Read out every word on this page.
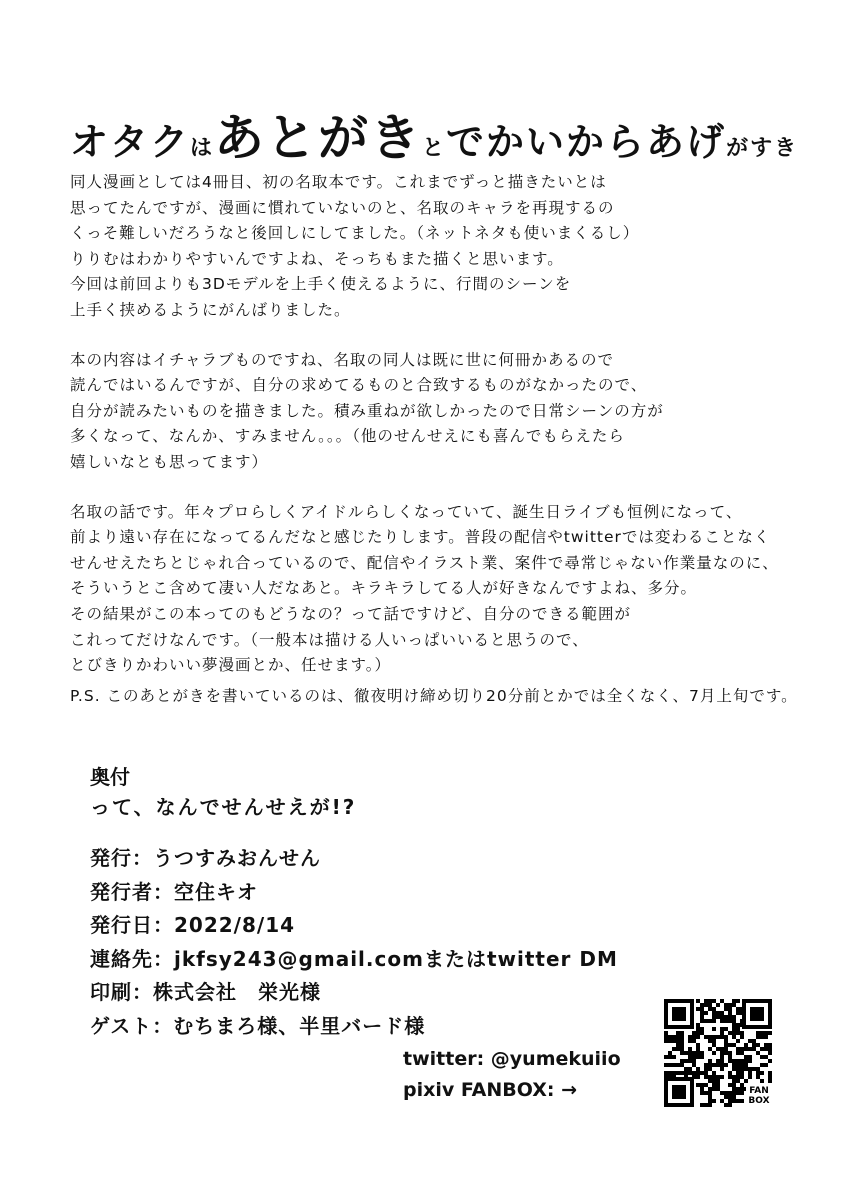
オタクはあとがきとでかいからあげがすき

同人漫画としては4冊目、初の名取本です。これまでずっと描きたいとは
思ってたんですが、漫画に慣れていないのと、名取のキャラを再現するの
くっそ難しいだろうなと後回しにしてました。（ネットネタも使いまくるし）
りりむはわかりやすいんですよね、そっちもまた描くと思います。
今回は前回よりも3Dモデルを上手く使えるように、行間のシーンを
上手く挟めるようにがんばりました。

本の内容はイチャラブものですね、名取の同人は既に世に何冊かあるので
読んではいるんですが、自分の求めてるものと合致するものがなかったので、
自分が読みたいものを描きました。積み重ねが欲しかったので日常シーンの方が
多くなって、なんか、すみません。。。（他のせんせえにも喜んでもらえたら
嬉しいなとも思ってます）

名取の話です。年々プロらしくアイドルらしくなっていて、誕生日ライブも恒例になって、
前より遠い存在になってるんだなと感じたりします。普段の配信やtwitterでは変わることなく
せんせえたちとじゃれ合っているので、配信やイラスト業、案件で尋常じゃない作業量なのに、
そういうとこ含めて凄い人だなあと。キラキラしてる人が好きなんですよね、多分。
その結果がこの本ってのもどうなの？って話ですけど、自分のできる範囲が
これってだけなんです。（一般本は描ける人いっぱいいると思うので、
とびきりかわいい夢漫画とか、任せます。）

P.S. このあとがきを書いているのは、徹夜明け締め切り20分前とかでは全くなく、7月上旬です。
奥付
って、なんでせんせえが!?
発行：うつすみおんせん
発行者：空住キオ
発行日：2022/8/14
連絡先：jkfsy243@gmail.comまたはtwitter DM
印刷：株式会社　栄光様
ゲスト：むちまろ様、半里バード様
twitter: @yumekuiio
pixiv FANBOX: →	FAN
BOX
